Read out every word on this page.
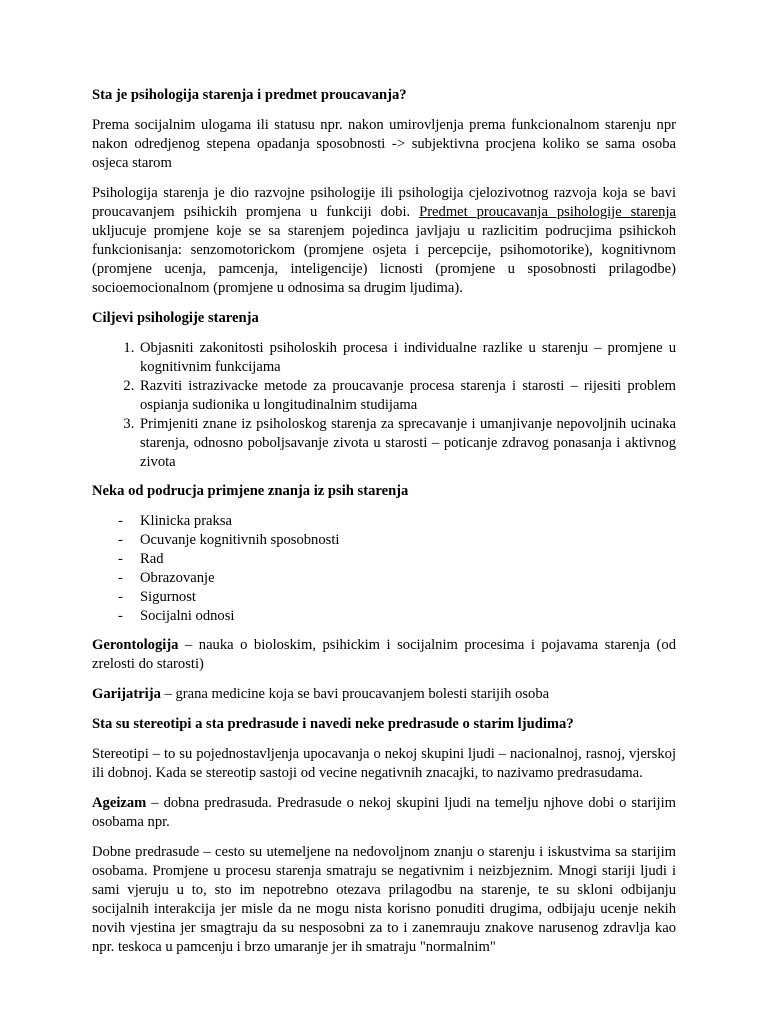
Sta je psihologija starenja i predmet proucavanja?

Prema socijalnim ulogama ili statusu npr. nakon umirovljenja prema funkcionalnom starenju npr nakon odredjenog stepena opadanja sposobnosti -> subjektivna procjena koliko se sama osoba osjeca starom

Psihologija starenja je dio razvojne psihologije ili psihologija cjelozivotnog razvoja koja se bavi proucavanjem psihickih promjena u funkciji dobi. Predmet proucavanja psihologije starenja ukljucuje promjene koje se sa starenjem pojedinca javljaju u razlicitim podrucjima psihickoh funkcionisanja: senzomotorickom (promjene osjeta i percepcije, psihomotorike), kognitivnom (promjene ucenja, pamcenja, inteligencije) licnosti (promjene u sposobnosti prilagodbe) socioemocionalnom (promjene u odnosima sa drugim ljudima).

Ciljevi psihologije starenja

1. Objasniti zakonitosti psiholoskih procesa i individualne razlike u starenju – promjene u kognitivnim funkcijama
2. Razviti istrazivacke metode za proucavanje procesa starenja i starosti – rijesiti problem ospianja sudionika u longitudinalnim studijama
3. Primjeniti znane iz psiholoskog starenja za sprecavanje i umanjivanje nepovoljnih ucinaka starenja, odnosno poboljsavanje zivota u starosti – poticanje zdravog ponasanja i aktivnog zivota

Neka od podrucja primjene znanja iz psih starenja

- Klinicka praksa
- Ocuvanje kognitivnih sposobnosti
- Rad
- Obrazovanje
- Sigurnost
- Socijalni odnosi

Gerontologija – nauka o bioloskim, psihickim i socijalnim procesima i pojavama starenja (od zrelosti do starosti)

Garijatrija – grana medicine koja se bavi proucavanjem bolesti starijih osoba

Sta su stereotipi a sta predrasude i navedi neke predrasude o starim ljudima?

Stereotipi – to su pojednostavljenja upocavanja o nekoj skupini ljudi – nacionalnoj, rasnoj, vjerskoj ili dobnoj. Kada se stereotip sastoji od vecine negativnih znacajki, to nazivamo predrasudama.

Ageizam – dobna predrasuda. Predrasude o nekoj skupini ljudi na temelju njhove dobi o starijim osobama npr.

Dobne predrasude – cesto su utemeljene na nedovoljnom znanju o starenju i iskustvima sa starijim osobama. Promjene u procesu starenja smatraju se negativnim i neizbjeznim. Mnogi stariji ljudi i sami vjeruju u to, sto im nepotrebno otezava prilagodbu na starenje, te su skloni odbijanju socijalnih interakcija jer misle da ne mogu nista korisno ponuditi drugima, odbijaju ucenje nekih novih vjestina jer smagtraju da su nesposobni za to i zanemrauju znakove narusenog zdravlja kao npr. teskoca u pamcenju i brzo umaranje jer ih smatraju "normalnim"
